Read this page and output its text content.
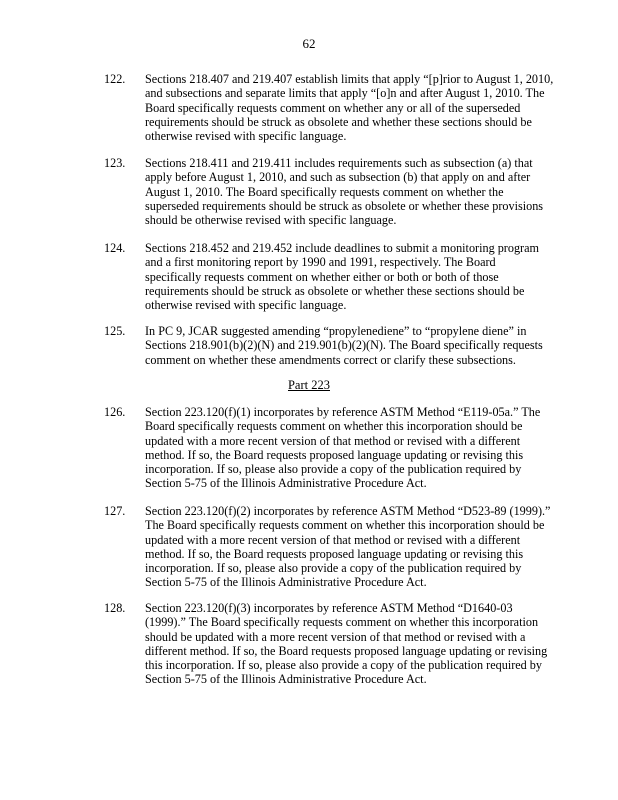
62
122. Sections 218.407 and 219.407 establish limits that apply “[p]rior to August 1, 2010, and subsections and separate limits that apply “[o]n and after August 1, 2010. The Board specifically requests comment on whether any or all of the superseded requirements should be struck as obsolete and whether these sections should be otherwise revised with specific language.
123. Sections 218.411 and 219.411 includes requirements such as subsection (a) that apply before August 1, 2010, and such as subsection (b) that apply on and after August 1, 2010. The Board specifically requests comment on whether the superseded requirements should be struck as obsolete or whether these provisions should be otherwise revised with specific language.
124. Sections 218.452 and 219.452 include deadlines to submit a monitoring program and a first monitoring report by 1990 and 1991, respectively. The Board specifically requests comment on whether either or both or both of those requirements should be struck as obsolete or whether these sections should be otherwise revised with specific language.
125. In PC 9, JCAR suggested amending “propylenediene” to “propylene diene” in Sections 218.901(b)(2)(N) and 219.901(b)(2)(N). The Board specifically requests comment on whether these amendments correct or clarify these subsections.
Part 223
126. Section 223.120(f)(1) incorporates by reference ASTM Method “E119-05a.” The Board specifically requests comment on whether this incorporation should be updated with a more recent version of that method or revised with a different method. If so, the Board requests proposed language updating or revising this incorporation. If so, please also provide a copy of the publication required by Section 5-75 of the Illinois Administrative Procedure Act.
127. Section 223.120(f)(2) incorporates by reference ASTM Method “D523-89 (1999).” The Board specifically requests comment on whether this incorporation should be updated with a more recent version of that method or revised with a different method. If so, the Board requests proposed language updating or revising this incorporation. If so, please also provide a copy of the publication required by Section 5-75 of the Illinois Administrative Procedure Act.
128. Section 223.120(f)(3) incorporates by reference ASTM Method “D1640-03 (1999).” The Board specifically requests comment on whether this incorporation should be updated with a more recent version of that method or revised with a different method. If so, the Board requests proposed language updating or revising this incorporation. If so, please also provide a copy of the publication required by Section 5-75 of the Illinois Administrative Procedure Act.
